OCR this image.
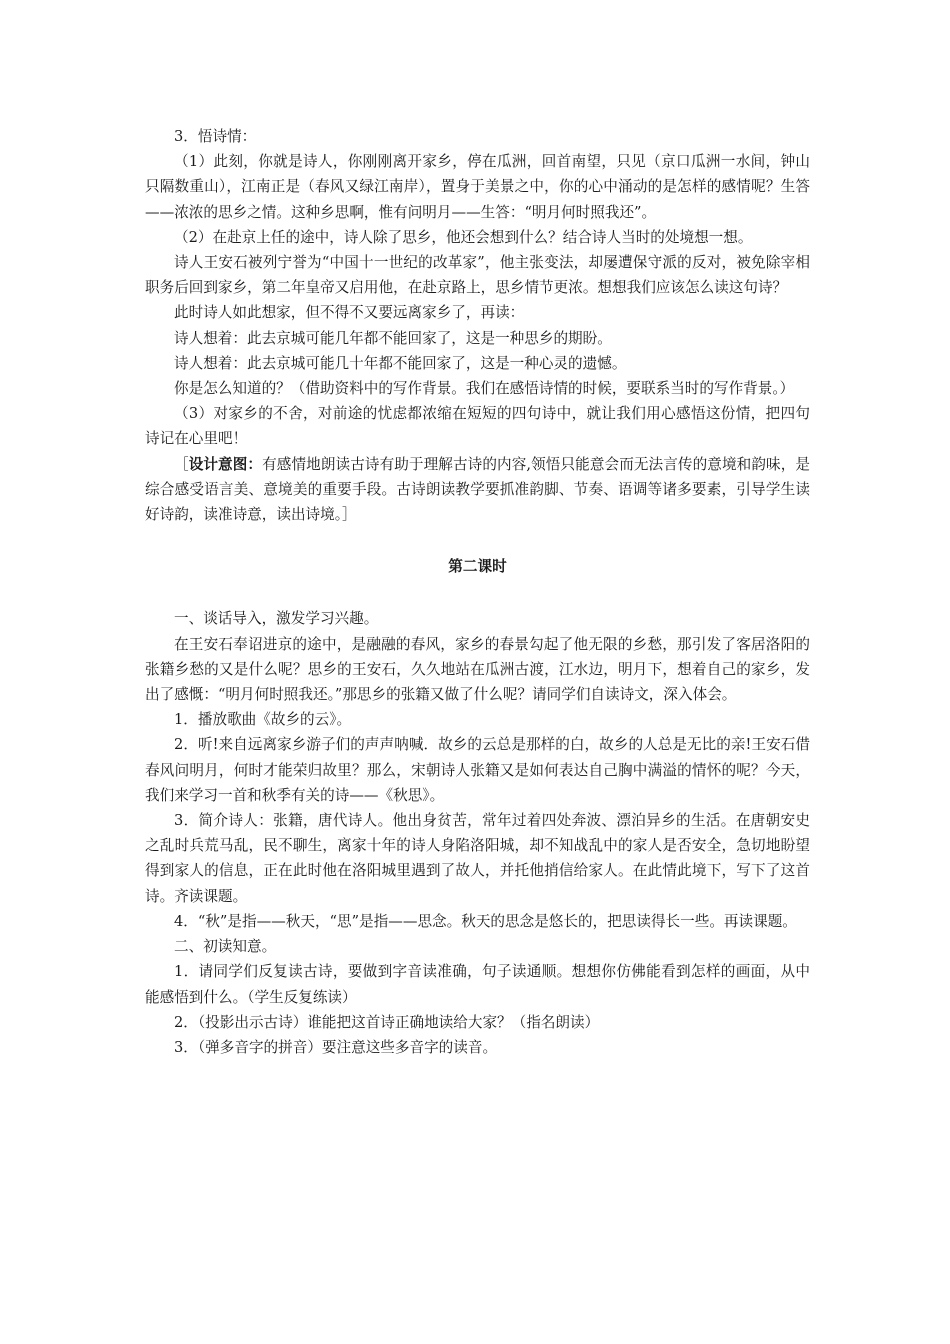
3．悟诗情：

（1）此刻，你就是诗人，你刚刚离开家乡，停在瓜洲，回首南望，只见（京口瓜洲一水间，钟山只隔数重山），江南正是（春风又绿江南岸），置身于美景之中，你的心中涌动的是怎样的感情呢？生答——浓浓的思乡之情。这种乡思啊，惟有问明月——生答：“明月何时照我还”。

（2）在赴京上任的途中，诗人除了思乡，他还会想到什么？结合诗人当时的处境想一想。

诗人王安石被列宁誉为“中国十一世纪的改革家”，他主张变法，却屡遭保守派的反对，被免除宰相职务后回到家乡，第二年皇帝又启用他，在赴京路上，思乡情节更浓。想想我们应该怎么读这句诗？

此时诗人如此想家，但不得不又要远离家乡了，再读：

诗人想着：此去京城可能几年都不能回家了，这是一种思乡的期盼。

诗人想着：此去京城可能几十年都不能回家了，这是一种心灵的遗憾。

你是怎么知道的？（借助资料中的写作背景。我们在感悟诗情的时候，要联系当时的写作背景。）

（3）对家乡的不舍，对前途的忧虑都浓缩在短短的四句诗中，就让我们用心感悟这份情，把四句诗记在心里吧！

［设计意图：有感情地朗读古诗有助于理解古诗的内容,领悟只能意会而无法言传的意境和韵味，是综合感受语言美、意境美的重要手段。古诗朗读教学要抓准韵脚、节奏、语调等诸多要素，引导学生读好诗韵，读准诗意，读出诗境。］

第二课时

一、谈话导入，激发学习兴趣。

在王安石奉诏进京的途中，是融融的春风，家乡的春景勾起了他无限的乡愁，那引发了客居洛阳的张籍乡愁的又是什么呢？思乡的王安石，久久地站在瓜洲古渡，江水边，明月下，想着自己的家乡，发出了感慨：“明月何时照我还。”那思乡的张籍又做了什么呢？请同学们自读诗文，深入体会。

1．播放歌曲《故乡的云》。

2．听!来自远离家乡游子们的声声呐喊．故乡的云总是那样的白，故乡的人总是无比的亲!王安石借春风问明月，何时才能荣归故里？那么，宋朝诗人张籍又是如何表达自己胸中满溢的情怀的呢？今天，我们来学习一首和秋季有关的诗——《秋思》。

3．简介诗人：张籍，唐代诗人。他出身贫苦，常年过着四处奔波、漂泊异乡的生活。在唐朝安史之乱时兵荒马乱，民不聊生，离家十年的诗人身陷洛阳城，却不知战乱中的家人是否安全，急切地盼望得到家人的信息，正在此时他在洛阳城里遇到了故人，并托他捎信给家人。在此情此境下，写下了这首诗。齐读课题。

4．“秋”是指——秋天，“思”是指——思念。秋天的思念是悠长的，把思读得长一些。再读课题。

二、初读知意。

1．请同学们反复读古诗，要做到字音读准确，句子读通顺。想想你仿佛能看到怎样的画面，从中能感悟到什么。（学生反复练读）

2．（投影出示古诗）谁能把这首诗正确地读给大家？（指名朗读）

3．（弹多音字的拼音）要注意这些多音字的读音。
